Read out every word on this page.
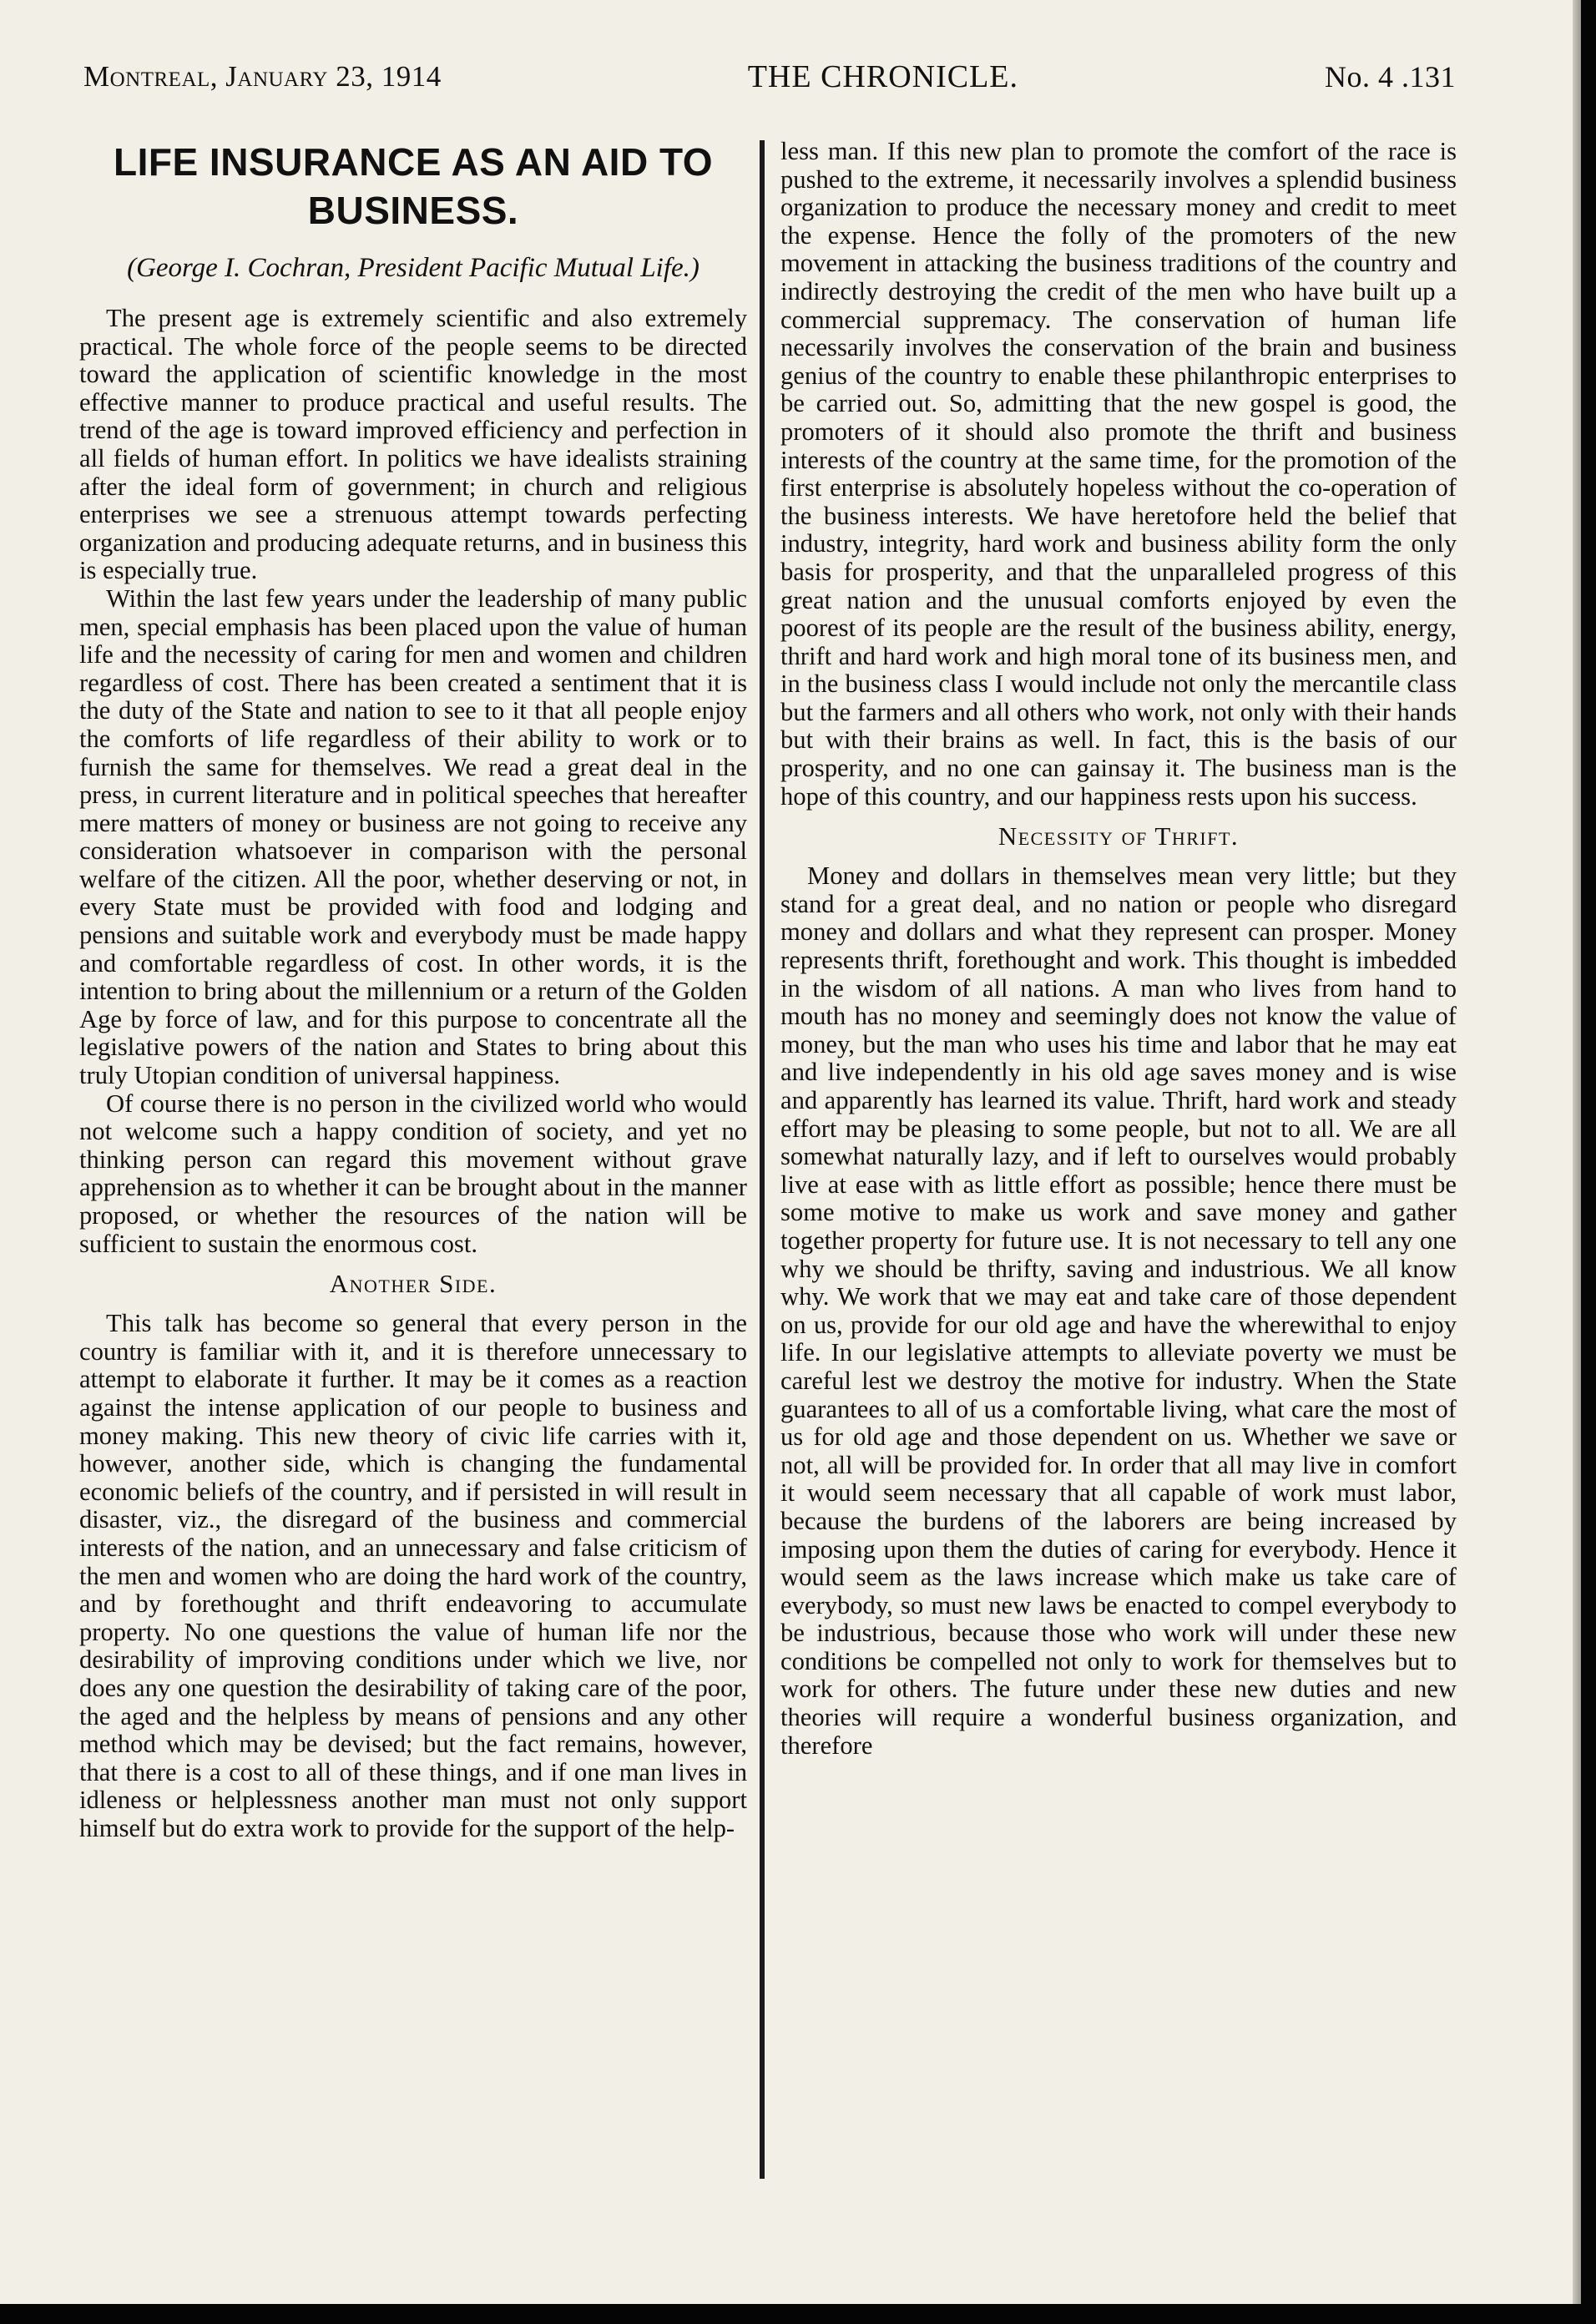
Montreal, January 23, 1914	THE CHRONICLE.	No. 4 .131
LIFE INSURANCE AS AN AID TO BUSINESS.
(George I. Cochran, President Pacific Mutual Life.)

The present age is extremely scientific and also extremely practical. The whole force of the people seems to be directed toward the application of scientific knowledge in the most effective manner to produce practical and useful results. The trend of the age is toward improved efficiency and perfection in all fields of human effort. In politics we have idealists straining after the ideal form of government; in church and religious enterprises we see a strenuous attempt towards perfecting organization and producing adequate returns, and in business this is especially true.

Within the last few years under the leadership of many public men, special emphasis has been placed upon the value of human life and the necessity of caring for men and women and children regardless of cost. There has been created a sentiment that it is the duty of the State and nation to see to it that all people enjoy the comforts of life regardless of their ability to work or to furnish the same for themselves. We read a great deal in the press, in current literature and in political speeches that hereafter mere matters of money or business are not going to receive any consideration whatsoever in comparison with the personal welfare of the citizen. All the poor, whether deserving or not, in every State must be provided with food and lodging and pensions and suitable work and everybody must be made happy and comfortable regardless of cost. In other words, it is the intention to bring about the millennium or a return of the Golden Age by force of law, and for this purpose to concentrate all the legislative powers of the nation and States to bring about this truly Utopian condition of universal happiness.

Of course there is no person in the civilized world who would not welcome such a happy condition of society, and yet no thinking person can regard this movement without grave apprehension as to whether it can be brought about in the manner proposed, or whether the resources of the nation will be sufficient to sustain the enormous cost.

Another Side.

This talk has become so general that every person in the country is familiar with it, and it is therefore unnecessary to attempt to elaborate it further. It may be it comes as a reaction against the intense application of our people to business and money making. This new theory of civic life carries with it, however, another side, which is changing the fundamental economic beliefs of the country, and if persisted in will result in disaster, viz., the disregard of the business and commercial interests of the nation, and an unnecessary and false criticism of the men and women who are doing the hard work of the country, and by forethought and thrift endeavoring to accumulate property. No one questions the value of human life nor the desirability of improving conditions under which we live, nor does any one question the desirability of taking care of the poor, the aged and the helpless by means of pensions and any other method which may be devised; but the fact remains, however, that there is a cost to all of these things, and if one man lives in idleness or helplessness another man must not only support himself but do extra work to provide for the support of the help-

less man. If this new plan to promote the comfort of the race is pushed to the extreme, it necessarily involves a splendid business organization to produce the necessary money and credit to meet the expense. Hence the folly of the promoters of the new movement in attacking the business traditions of the country and indirectly destroying the credit of the men who have built up a commercial suppremacy. The conservation of human life necessarily involves the conservation of the brain and business genius of the country to enable these philanthropic enterprises to be carried out. So, admitting that the new gospel is good, the promoters of it should also promote the thrift and business interests of the country at the same time, for the promotion of the first enterprise is absolutely hopeless without the co-operation of the business interests. We have heretofore held the belief that industry, integrity, hard work and business ability form the only basis for prosperity, and that the unparalleled progress of this great nation and the unusual comforts enjoyed by even the poorest of its people are the result of the business ability, energy, thrift and hard work and high moral tone of its business men, and in the business class I would include not only the mercantile class but the farmers and all others who work, not only with their hands but with their brains as well. In fact, this is the basis of our prosperity, and no one can gainsay it. The business man is the hope of this country, and our happiness rests upon his success.

Necessity of Thrift.

Money and dollars in themselves mean very little; but they stand for a great deal, and no nation or people who disregard money and dollars and what they represent can prosper. Money represents thrift, forethought and work. This thought is imbedded in the wisdom of all nations. A man who lives from hand to mouth has no money and seemingly does not know the value of money, but the man who uses his time and labor that he may eat and live independently in his old age saves money and is wise and apparently has learned its value. Thrift, hard work and steady effort may be pleasing to some people, but not to all. We are all somewhat naturally lazy, and if left to ourselves would probably live at ease with as little effort as possible; hence there must be some motive to make us work and save money and gather together property for future use. It is not necessary to tell any one why we should be thrifty, saving and industrious. We all know why. We work that we may eat and take care of those dependent on us, provide for our old age and have the wherewithal to enjoy life. In our legislative attempts to alleviate poverty we must be careful lest we destroy the motive for industry. When the State guarantees to all of us a comfortable living, what care the most of us for old age and those dependent on us. Whether we save or not, all will be provided for. In order that all may live in comfort it would seem necessary that all capable of work must labor, because the burdens of the laborers are being increased by imposing upon them the duties of caring for everybody. Hence it would seem as the laws increase which make us take care of everybody, so must new laws be enacted to compel everybody to be industrious, because those who work will under these new conditions be compelled not only to work for themselves but to work for others. The future under these new duties and new theories will require a wonderful business organization, and therefore
